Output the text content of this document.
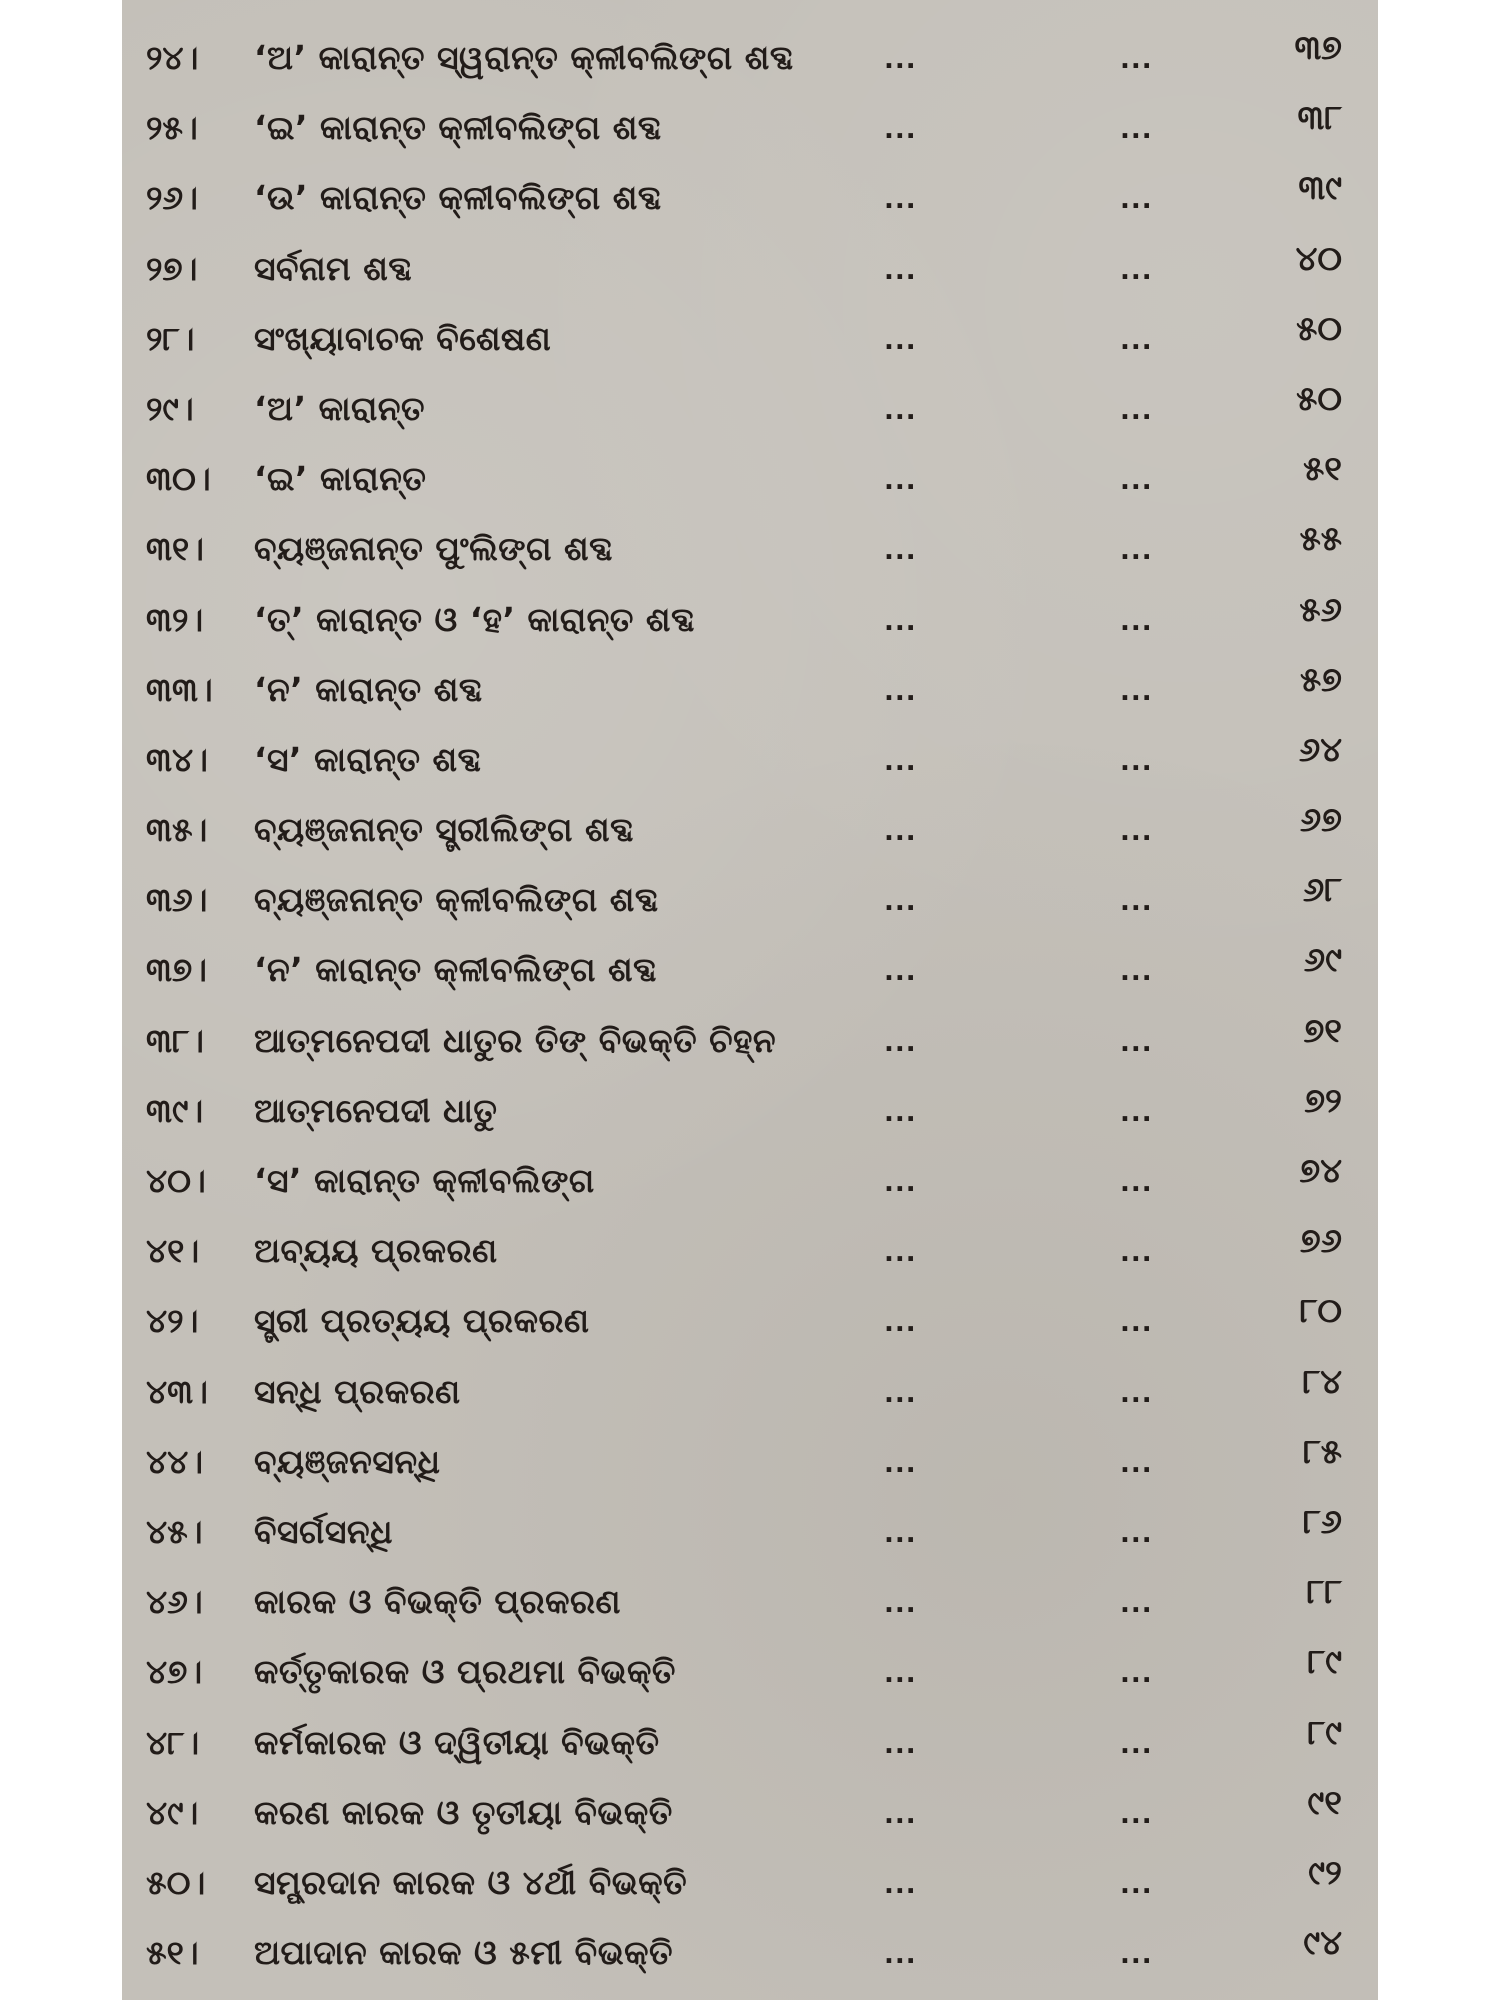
୨୪। ‘ଅ’ କାରାନ୍ତ ସ୍ୱରାନ୍ତ କ୍ଳୀବଲିଙ୍ଗ ଶବ୍ଦ	...	...	୩୭
୨୫। ‘ଇ’ କାରାନ୍ତ କ୍ଳୀବଲିଙ୍ଗ ଶବ୍ଦ	...	...	୩୮
୨୬। ‘ଉ’ କାରାନ୍ତ କ୍ଳୀବଲିଙ୍ଗ ଶବ୍ଦ	...	...	୩୯
୨୭। ସର୍ବନାମ ଶବ୍ଦ	...	...	୪୦
୨୮। ସଂଖ୍ୟାବାଚକ ବିଶେଷଣ	...	...	୫୦
୨୯। ‘ଅ’ କାରାନ୍ତ	...	...	୫୦
୩୦। ‘ଇ’ କାରାନ୍ତ	...	...	୫୧
୩୧। ବ୍ୟଞ୍ଜନାନ୍ତ ପୁଂଲିଙ୍ଗ ଶବ୍ଦ	...	...	୫୫
୩୨। ‘ତ୍’ କାରାନ୍ତ ଓ ‘ହ’ କାରାନ୍ତ ଶବ୍ଦ	...	...	୫୬
୩୩। ‘ନ’ କାରାନ୍ତ ଶବ୍ଦ	...	...	୫୭
୩୪। ‘ସ’ କାରାନ୍ତ ଶବ୍ଦ	...	...	୬୪
୩୫। ବ୍ୟଞ୍ଜନାନ୍ତ ସ୍ତ୍ରୀଲିଙ୍ଗ ଶବ୍ଦ	...	...	୬୭
୩୬। ବ୍ୟଞ୍ଜନାନ୍ତ କ୍ଳୀବଲିଙ୍ଗ ଶବ୍ଦ	...	...	୬୮
୩୭। ‘ନ’ କାରାନ୍ତ କ୍ଳୀବଲିଙ୍ଗ ଶବ୍ଦ	...	...	୬୯
୩୮। ଆତ୍ମନେପଦୀ ଧାତୁର ତିଙ୍ ବିଭକ୍ତି ଚିହ୍ନ	...	...	୭୧
୩୯। ଆତ୍ମନେପଦୀ ଧାତୁ	...	...	୭୨
୪୦। ‘ସ’ କାରାନ୍ତ କ୍ଳୀବଲିଙ୍ଗ	...	...	୭୪
୪୧। ଅବ୍ୟୟ ପ୍ରକରଣ	...	...	୭୬
୪୨। ସ୍ତ୍ରୀ ପ୍ରତ୍ୟୟ ପ୍ରକରଣ	...	...	୮୦
୪୩। ସନ୍ଧି ପ୍ରକରଣ	...	...	୮୪
୪୪। ବ୍ୟଞ୍ଜନସନ୍ଧି	...	...	୮୫
୪୫। ବିସର୍ଗସନ୍ଧି	...	...	୮୬
୪୬। କାରକ ଓ ବିଭକ୍ତି ପ୍ରକରଣ	...	...	୮୮
୪୭। କର୍ତ୍ତୃକାରକ ଓ ପ୍ରଥମା ବିଭକ୍ତି	...	...	୮୯
୪୮। କର୍ମକାରକ ଓ ଦ୍ୱିତୀୟା ବିଭକ୍ତି	...	...	୮୯
୪୯। କରଣ କାରକ ଓ ତୃତୀୟା ବିଭକ୍ତି	...	...	୯୧
୫୦। ସମ୍ପ୍ରଦାନ କାରକ ଓ ୪ର୍ଥୀ ବିଭକ୍ତି	...	...	୯୨
୫୧। ଅପାଦାନ କାରକ ଓ ୫ମୀ ବିଭକ୍ତି	...	...	୯୪
